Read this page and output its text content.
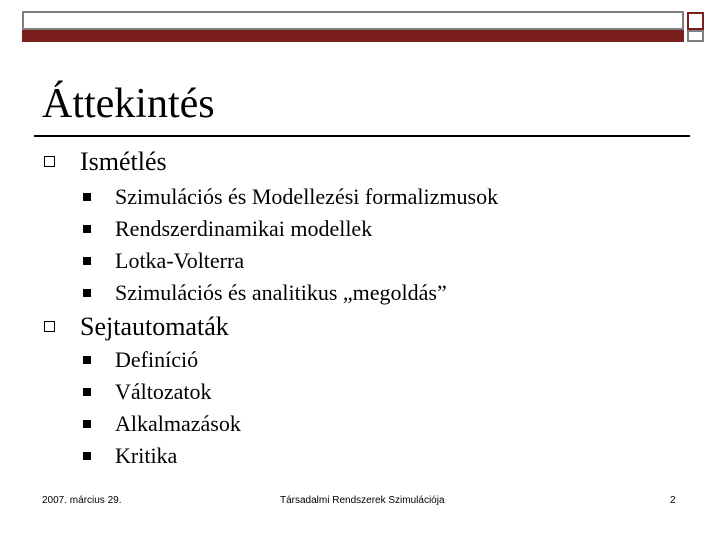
Áttekintés
Ismétlés
Szimulációs és Modellezési formalizmusok
Rendszerdinamikai modellek
Lotka-Volterra
Szimulációs és analitikus „megoldás”
Sejtautomaták
Definíció
Változatok
Alkalmazások
Kritika
2007. március 29.	Társadalmi Rendszerek Szimulációja	2
